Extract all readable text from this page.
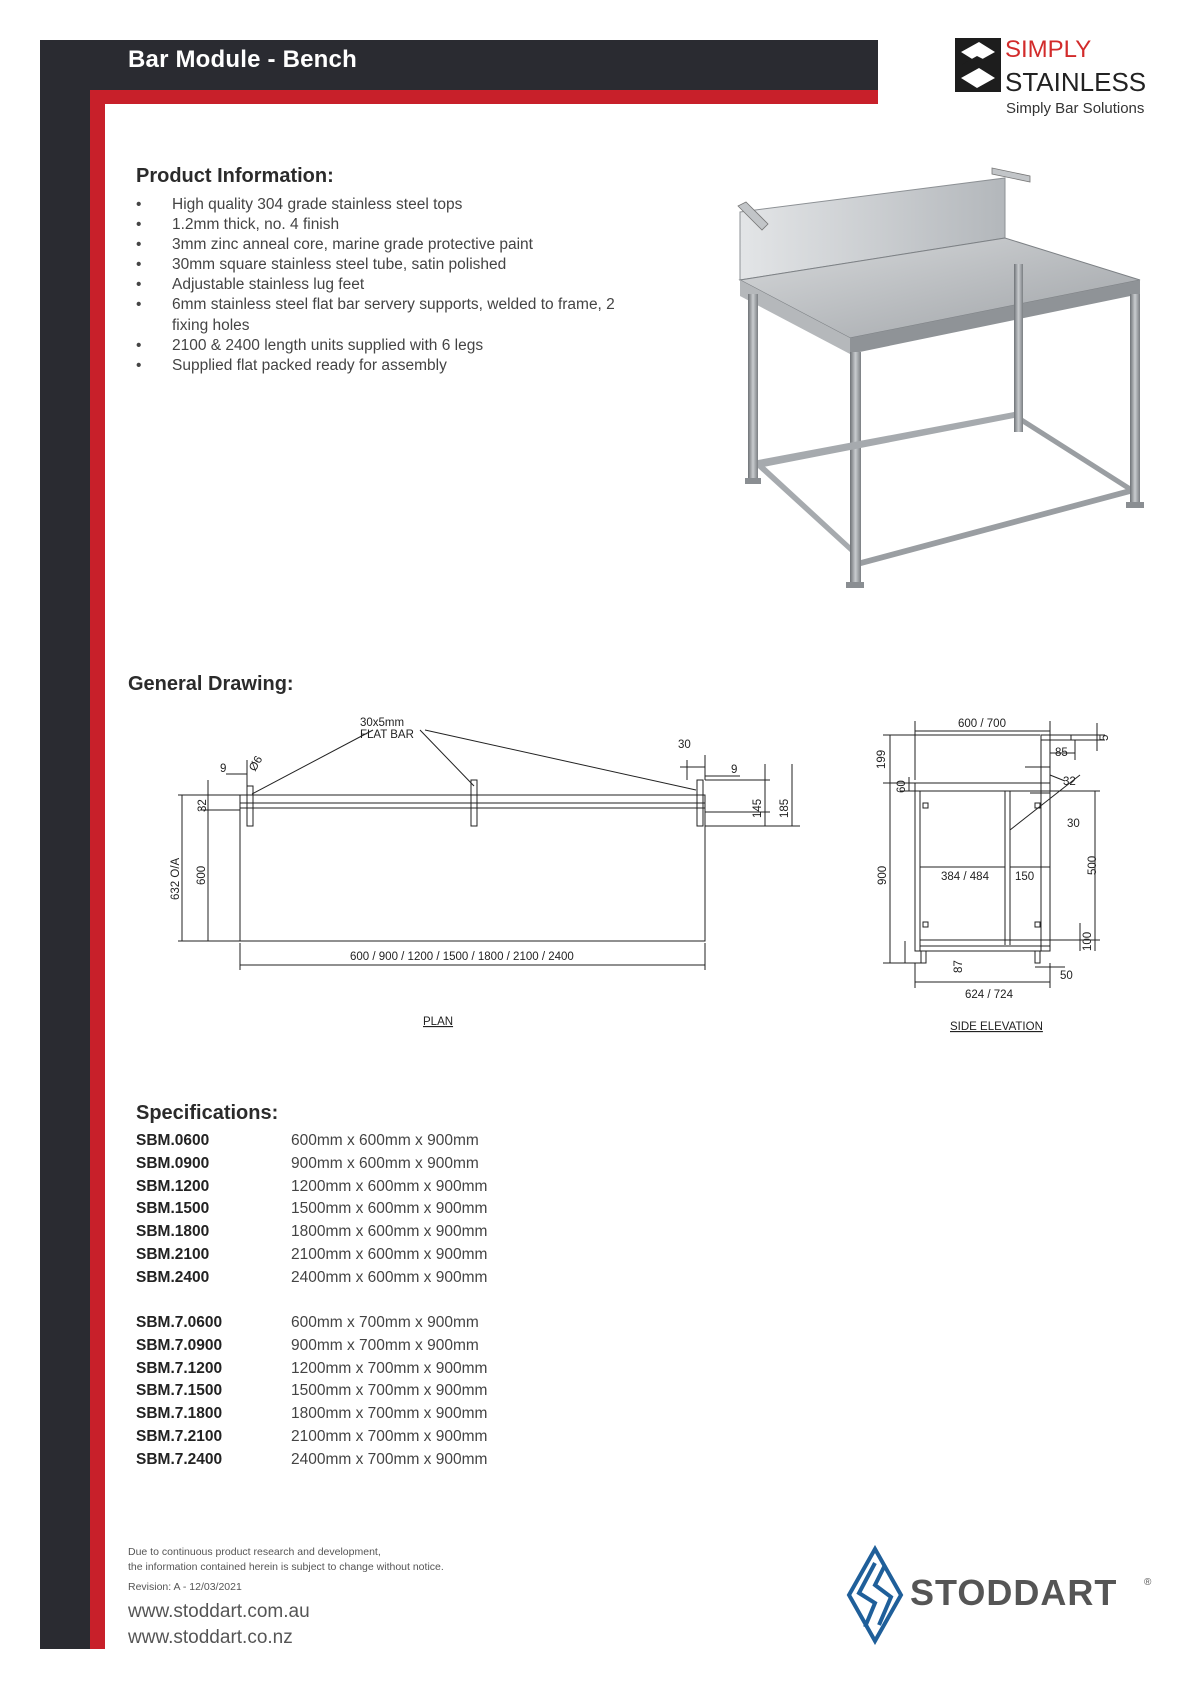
Bar Module - Bench	SIMPLY
STAINLESS
Simply Bar Solutions
Product Information:
• High quality 304 grade stainless steel tops
• 1.2mm thick, no. 4 finish
• 3mm zinc anneal core, marine grade protective paint
• 30mm square stainless steel tube, satin polished
• Adjustable stainless lug feet
• 6mm stainless steel flat bar servery supports, welded to frame, 2 fixing holes
• 2100 & 2400 length units supplied with 6 legs
• Supplied flat packed ready for assembly
General Drawing:
30x5mm
FLAT BAR
9 Ø6
30
9
32	145 185
632 O/A 600
600 / 900 / 1200 / 1500 / 1800 / 2100 / 2400
PLAN
600 / 700
5
199	85
60	32
30
500
900	384 / 484 150
100
87
50
624 / 724
SIDE ELEVATION
Specifications:
SBM.0600	600mm x 600mm x 900mm
SBM.0900	900mm x 600mm x 900mm
SBM.1200	1200mm x 600mm x 900mm
SBM.1500	1500mm x 600mm x 900mm
SBM.1800	1800mm x 600mm x 900mm
SBM.2100	2100mm x 600mm x 900mm
SBM.2400	2400mm x 600mm x 900mm
SBM.7.0600	600mm x 700mm x 900mm
SBM.7.0900	900mm x 700mm x 900mm
SBM.7.1200	1200mm x 700mm x 900mm
SBM.7.1500	1500mm x 700mm x 900mm
SBM.7.1800	1800mm x 700mm x 900mm
SBM.7.2100	2100mm x 700mm x 900mm
SBM.7.2400	2400mm x 700mm x 900mm
Due to continuous product research and development,
the information contained herein is subject to change without notice.
Revision: A - 12/03/2021
www.stoddart.com.au
www.stoddart.co.nz
STODDART	®
